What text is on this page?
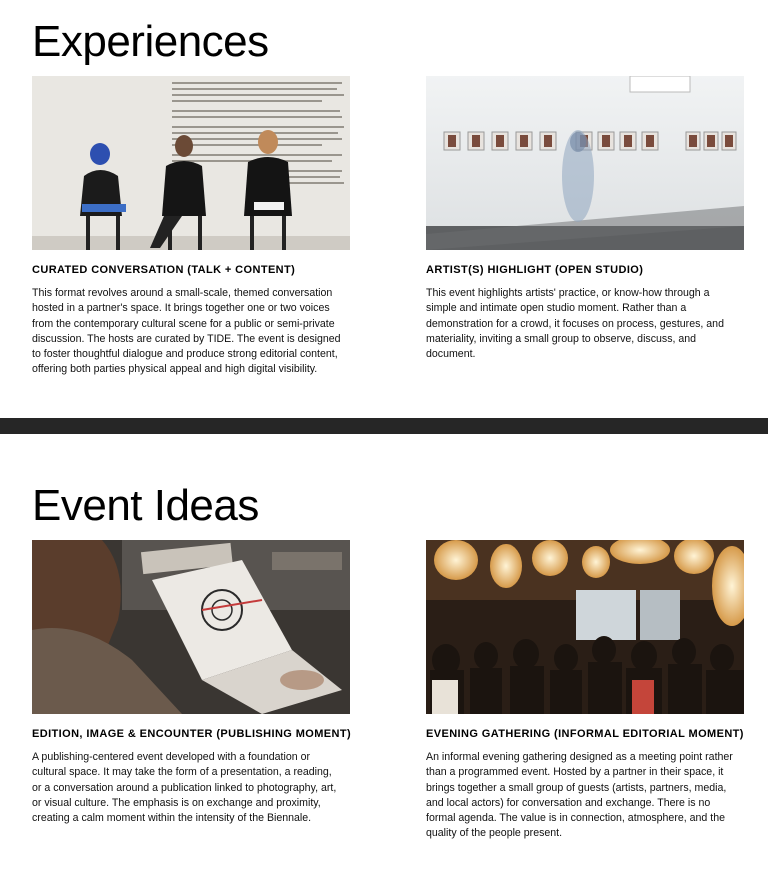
Experiences
CURATED CONVERSATION (TALK + CONTENT)

This format revolves around a small-scale, themed conversation hosted in a partner's space. It brings together one or two voices from the contemporary cultural scene for a public or semi-private discussion. The hosts are curated by TIDE. The event is designed to foster thoughtful dialogue and produce strong editorial content, offering both parties physical appeal and high digital visibility.

ARTIST(S) HIGHLIGHT (OPEN STUDIO)

This event highlights artists' practice, or know-how through a simple and intimate open studio moment. Rather than a demonstration for a crowd, it focuses on process, gestures, and materiality, inviting a small group to observe, discuss, and document.

Event Ideas
EDITION, IMAGE & ENCOUNTER (PUBLISHING MOMENT)

A publishing-centered event developed with a foundation or cultural space. It may take the form of a presentation, a reading, or a conversation around a publication linked to photography, art, or visual culture. The emphasis is on exchange and proximity, creating a calm moment within the intensity of the Biennale.

EVENING GATHERING (INFORMAL EDITORIAL MOMENT)

An informal evening gathering designed as a meeting point rather than a programmed event. Hosted by a partner in their space, it brings together a small group of guests (artists, partners, media, and local actors) for conversation and exchange. There is no formal agenda. The value is in connection, atmosphere, and the quality of the people present.
